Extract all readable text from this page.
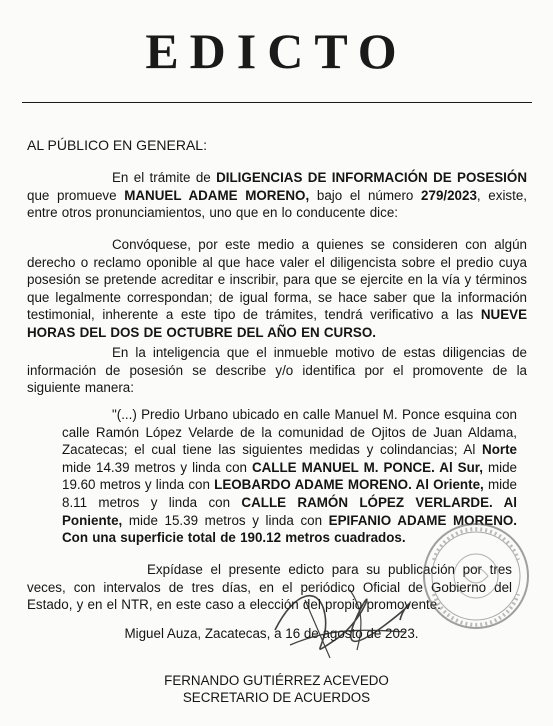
EDICTO
AL PÚBLICO EN GENERAL:
En el trámite de DILIGENCIAS DE INFORMACIÓN DE POSESIÓN que promueve MANUEL ADAME MORENO, bajo el número 279/2023, existe, entre otros pronunciamientos, uno que en lo conducente dice:
Convóquese, por este medio a quienes se consideren con algún derecho o reclamo oponible al que hace valer el diligencista sobre el predio cuya posesión se pretende acreditar e inscribir, para que se ejercite en la vía y términos que legalmente correspondan; de igual forma, se hace saber que la información testimonial, inherente a este tipo de trámites, tendrá verificativo a las NUEVE HORAS DEL DOS DE OCTUBRE DEL AÑO EN CURSO.
En la inteligencia que el inmueble motivo de estas diligencias de información de posesión se describe y/o identifica por el promovente de la siguiente manera:
"(...) Predio Urbano ubicado en calle Manuel M. Ponce esquina con calle Ramón López Velarde de la comunidad de Ojitos de Juan Aldama, Zacatecas; el cual tiene las siguientes medidas y colindancias; Al Norte mide 14.39 metros y linda con CALLE MANUEL M. PONCE. Al Sur, mide 19.60 metros y linda con LEOBARDO ADAME MORENO. Al Oriente, mide 8.11 metros y linda con CALLE RAMÓN LÓPEZ VERLARDE. Al Poniente, mide 15.39 metros y linda con EPIFANIO ADAME MORENO. Con una superficie total de 190.12 metros cuadrados.
Expídase el presente edicto para su publicación por tres veces, con intervalos de tres días, en el periódico Oficial de Gobierno del Estado, y en el NTR, en este caso a elección del propio promovente.
Miguel Auza, Zacatecas, a 16 de agosto de 2023.
FERNANDO GUTIÉRREZ ACEVEDO
SECRETARIO DE ACUERDOS
